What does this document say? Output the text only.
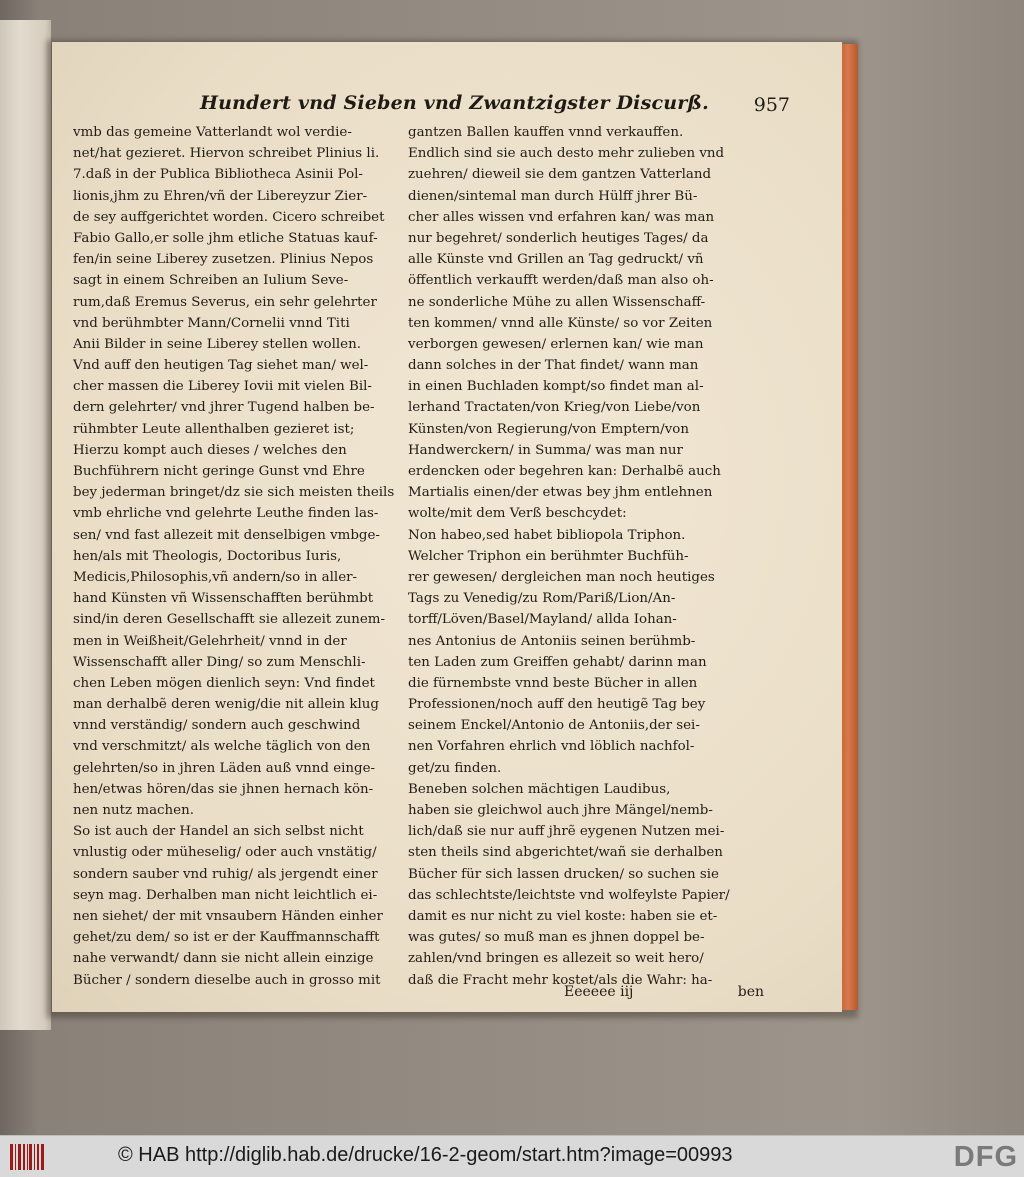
Hundert vnd Sieben vnd Zwantzigster Discurß.	957
vmb das gemeine Vatterlandt wol verdie-
net/hat gezieret. Hiervon schreibet Plinius li.
7.daß in der Publica Bibliotheca Asinii Pol-
lionis,jhm zu Ehren/vñ der Libereyzur Zier-
de sey auffgerichtet worden. Cicero schreibet
Fabio Gallo,er solle jhm etliche Statuas kauf-
fen/in seine Liberey zusetzen. Plinius Nepos
sagt in einem Schreiben an Iulium Seve-
rum,daß Eremus Severus, ein sehr gelehrter
vnd berühmbter Mann/Cornelii vnnd Titi
Anii Bilder in seine Liberey stellen wollen.
Vnd auff den heutigen Tag siehet man/ wel-
cher massen die Liberey Iovii mit vielen Bil-
dern gelehrter/ vnd jhrer Tugend halben be-
rühmbter Leute allenthalben gezieret ist;
Hierzu kompt auch dieses / welches den
Buchführern nicht geringe Gunst vnd Ehre
bey jederman bringet/dz sie sich meisten theils
vmb ehrliche vnd gelehrte Leuthe finden las-
sen/ vnd fast allezeit mit denselbigen vmbge-
hen/als mit Theologis, Doctoribus Iuris,
Medicis,Philosophis,vñ andern/so in aller-
hand Künsten vñ Wissenschafften berühmbt
sind/in deren Gesellschafft sie allezeit zunem-
men in Weißheit/Gelehrheit/ vnnd in der
Wissenschafft aller Ding/ so zum Menschli-
chen Leben mögen dienlich seyn: Vnd findet
man derhalbẽ deren wenig/die nit allein klug
vnnd verständig/ sondern auch geschwind
vnd verschmitzt/ als welche täglich von den
gelehrten/so in jhren Läden auß vnnd einge-
hen/etwas hören/das sie jhnen hernach kön-
nen nutz machen.
So ist auch der Handel an sich selbst nicht
vnlustig oder müheselig/ oder auch vnstätig/
sondern sauber vnd ruhig/ als jergendt einer
seyn mag. Derhalben man nicht leichtlich ei-
nen siehet/ der mit vnsaubern Händen einher
gehet/zu dem/ so ist er der Kauffmannschafft
nahe verwandt/ dann sie nicht allein einzige
Bücher / sondern dieselbe auch in grosso mit
gantzen Ballen kauffen vnnd verkauffen.
Endlich sind sie auch desto mehr zulieben vnd
zuehren/ dieweil sie dem gantzen Vatterland
dienen/sintemal man durch Hülff jhrer Bü-
cher alles wissen vnd erfahren kan/ was man
nur begehret/ sonderlich heutiges Tages/ da
alle Künste vnd Grillen an Tag gedruckt/ vñ
öffentlich verkaufft werden/daß man also oh-
ne sonderliche Mühe zu allen Wissenschaff-
ten kommen/ vnnd alle Künste/ so vor Zeiten
verborgen gewesen/ erlernen kan/ wie man
dann solches in der That findet/ wann man
in einen Buchladen kompt/so findet man al-
lerhand Tractaten/von Krieg/von Liebe/von
Künsten/von Regierung/von Emptern/von
Handwerckern/ in Summa/ was man nur
erdencken oder begehren kan: Derhalbẽ auch
Martialis einen/der etwas bey jhm entlehnen
wolte/mit dem Verß beschcydet:
Non habeo,sed habet bibliopola Triphon.
Welcher Triphon ein berühmter Buchfüh-
rer gewesen/ dergleichen man noch heutiges
Tags zu Venedig/zu Rom/Pariß/Lion/An-
torff/Löven/Basel/Mayland/ allda Iohan-
nes Antonius de Antoniis seinen berühmb-
ten Laden zum Greiffen gehabt/ darinn man
die fürnembste vnnd beste Bücher in allen
Professionen/noch auff den heutigẽ Tag bey
seinem Enckel/Antonio de Antoniis,der sei-
nen Vorfahren ehrlich vnd löblich nachfol-
get/zu finden.
Beneben solchen mächtigen Laudibus,
haben sie gleichwol auch jhre Mängel/nemb-
lich/daß sie nur auff jhrẽ eygenen Nutzen mei-
sten theils sind abgerichtet/wañ sie derhalben
Bücher für sich lassen drucken/ so suchen sie
das schlechtste/leichtste vnd wolfeylste Papier/
damit es nur nicht zu viel koste: haben sie et-
was gutes/ so muß man es jhnen doppel be-
zahlen/vnd bringen es allezeit so weit hero/
daß die Fracht mehr kostet/als die Wahr: ha-
Eeeeee iij	ben
© HAB http://diglib.hab.de/drucke/16-2-geom/start.htm?image=00993	DFG
